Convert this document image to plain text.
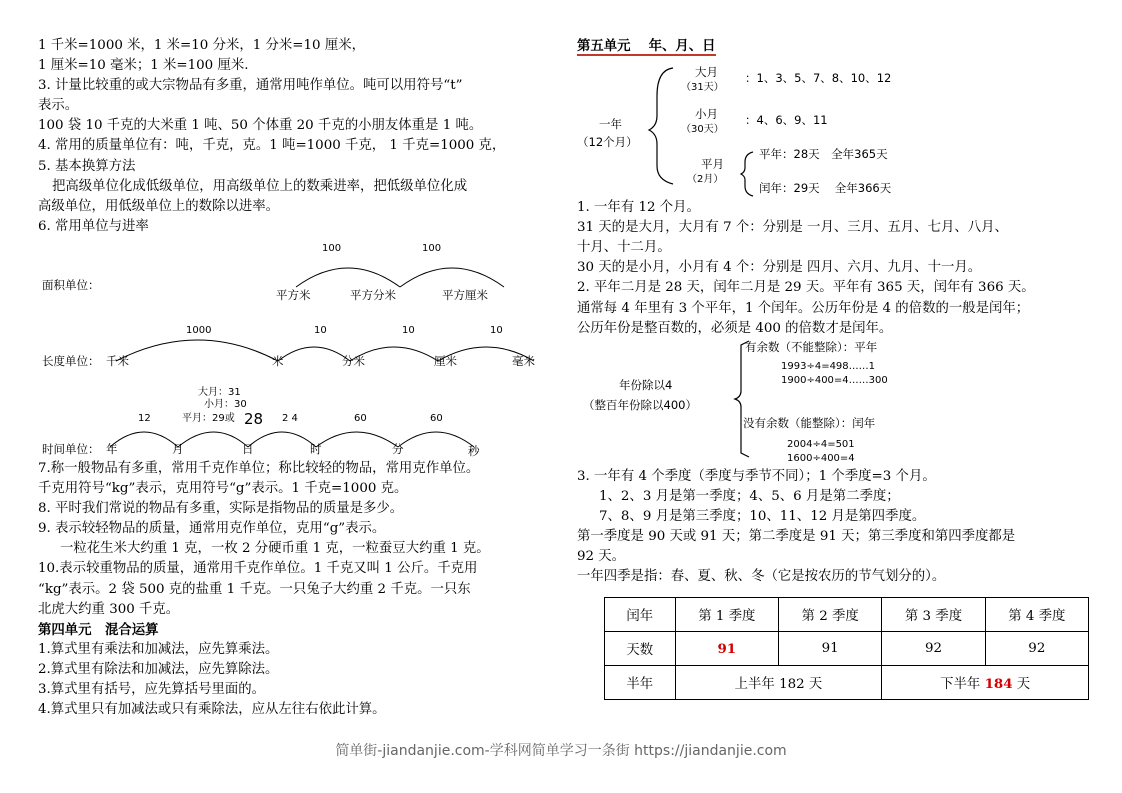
1 千米=1000 米，1 米=10 分米，1 分米=10 厘米，
1 厘米=10 毫米；1 米=100 厘米.
3. 计量比较重的或大宗物品有多重，通常用吨作单位。吨可以用符号“t”
表示。
100 袋 10 千克的大米重 1 吨、50 个体重 20 千克的小朋友体重是 1 吨。
4. 常用的质量单位有：吨，千克，克。1 吨=1000 千克， 1 千克=1000 克，
5. 基本换算方法
把高级单位化成低级单位，用高级单位上的数乘进率，把低级单位化成
高级单位，用低级单位上的数除以进率。
6. 常用单位与进率
面积单位：
100	100
平方米	平方分米	平方厘米
长度单位：
1000	10	10	10
千米	米	分米	厘米	毫米
大月：31
小月：30
平月：29或 28
时间单位：
12	2 4	60	60
年	月	日	时	分	秒
7.称一般物品有多重，常用千克作单位；称比较轻的物品，常用克作单位。
千克用符号“kg”表示，克用符号“g”表示。1 千克=1000 克。
8. 平时我们常说的物品有多重，实际是指物品的质量是多少。
9. 表示较轻物品的质量，通常用克作单位，克用“g”表示。
一粒花生米大约重 1 克，一枚 2 分硬币重 1 克，一粒蚕豆大约重 1 克。
10.表示较重物品的质量，通常用千克作单位。1 千克又叫 1 公斤。千克用
“kg”表示。2 袋 500 克的盐重 1 千克。一只兔子大约重 2 千克。一只东
北虎大约重 300 千克。
第四单元　混合运算
1.算式里有乘法和加减法，应先算乘法。
2.算式里有除法和加减法，应先算除法。
3.算式里有括号，应先算括号里面的。
4.算式里只有加减法或只有乘除法，应从左往右依此计算。
第五单元　 年、月、日
一年
（12个月）
大月
（31天）
：1、3、5、7、8、10、12
小月
（30天）
：4、6、9、11
平月
（2月）
平年：28天　全年365天
闰年：29天　 全年366天
1. 一年有 12 个月。
31 天的是大月，大月有 7 个：分别是 一月、三月、五月、七月、八月、
十月、十二月。
30 天的是小月，小月有 4 个：分别是 四月、六月、九月、十一月。
2. 平年二月是 28 天，闰年二月是 29 天。平年有 365 天，闰年有 366 天。
通常每 4 年里有 3 个平年，1 个闰年。公历年份是 4 的倍数的一般是闰年；
公历年份是整百数的，必须是 400 的倍数才是闰年。
年份除以4
（整百年份除以400）
有余数（不能整除）：平年
1993÷4=498……1
1900÷400=4……300
没有余数（能整除）：闰年
2004÷4=501
1600÷400=4
3. 一年有 4 个季度（季度与季节不同）；1 个季度=3 个月。
1、2、3 月是第一季度；4、5、6 月是第二季度；
7、8、9 月是第三季度；10、11、12 月是第四季度。
第一季度是 90 天或 91 天；第二季度是 91 天；第三季度和第四季度都是
92 天。
一年四季是指：春、夏、秋、冬（它是按农历的节气划分的）。
闰年	第 1 季度	第 2 季度	第 3 季度	第 4 季度
天数	91	91	92	92
半年	上半年 182 天		下半年 184 天	
简单街-jiandanjie.com-学科网简单学习一条街 https://jiandanjie.com
